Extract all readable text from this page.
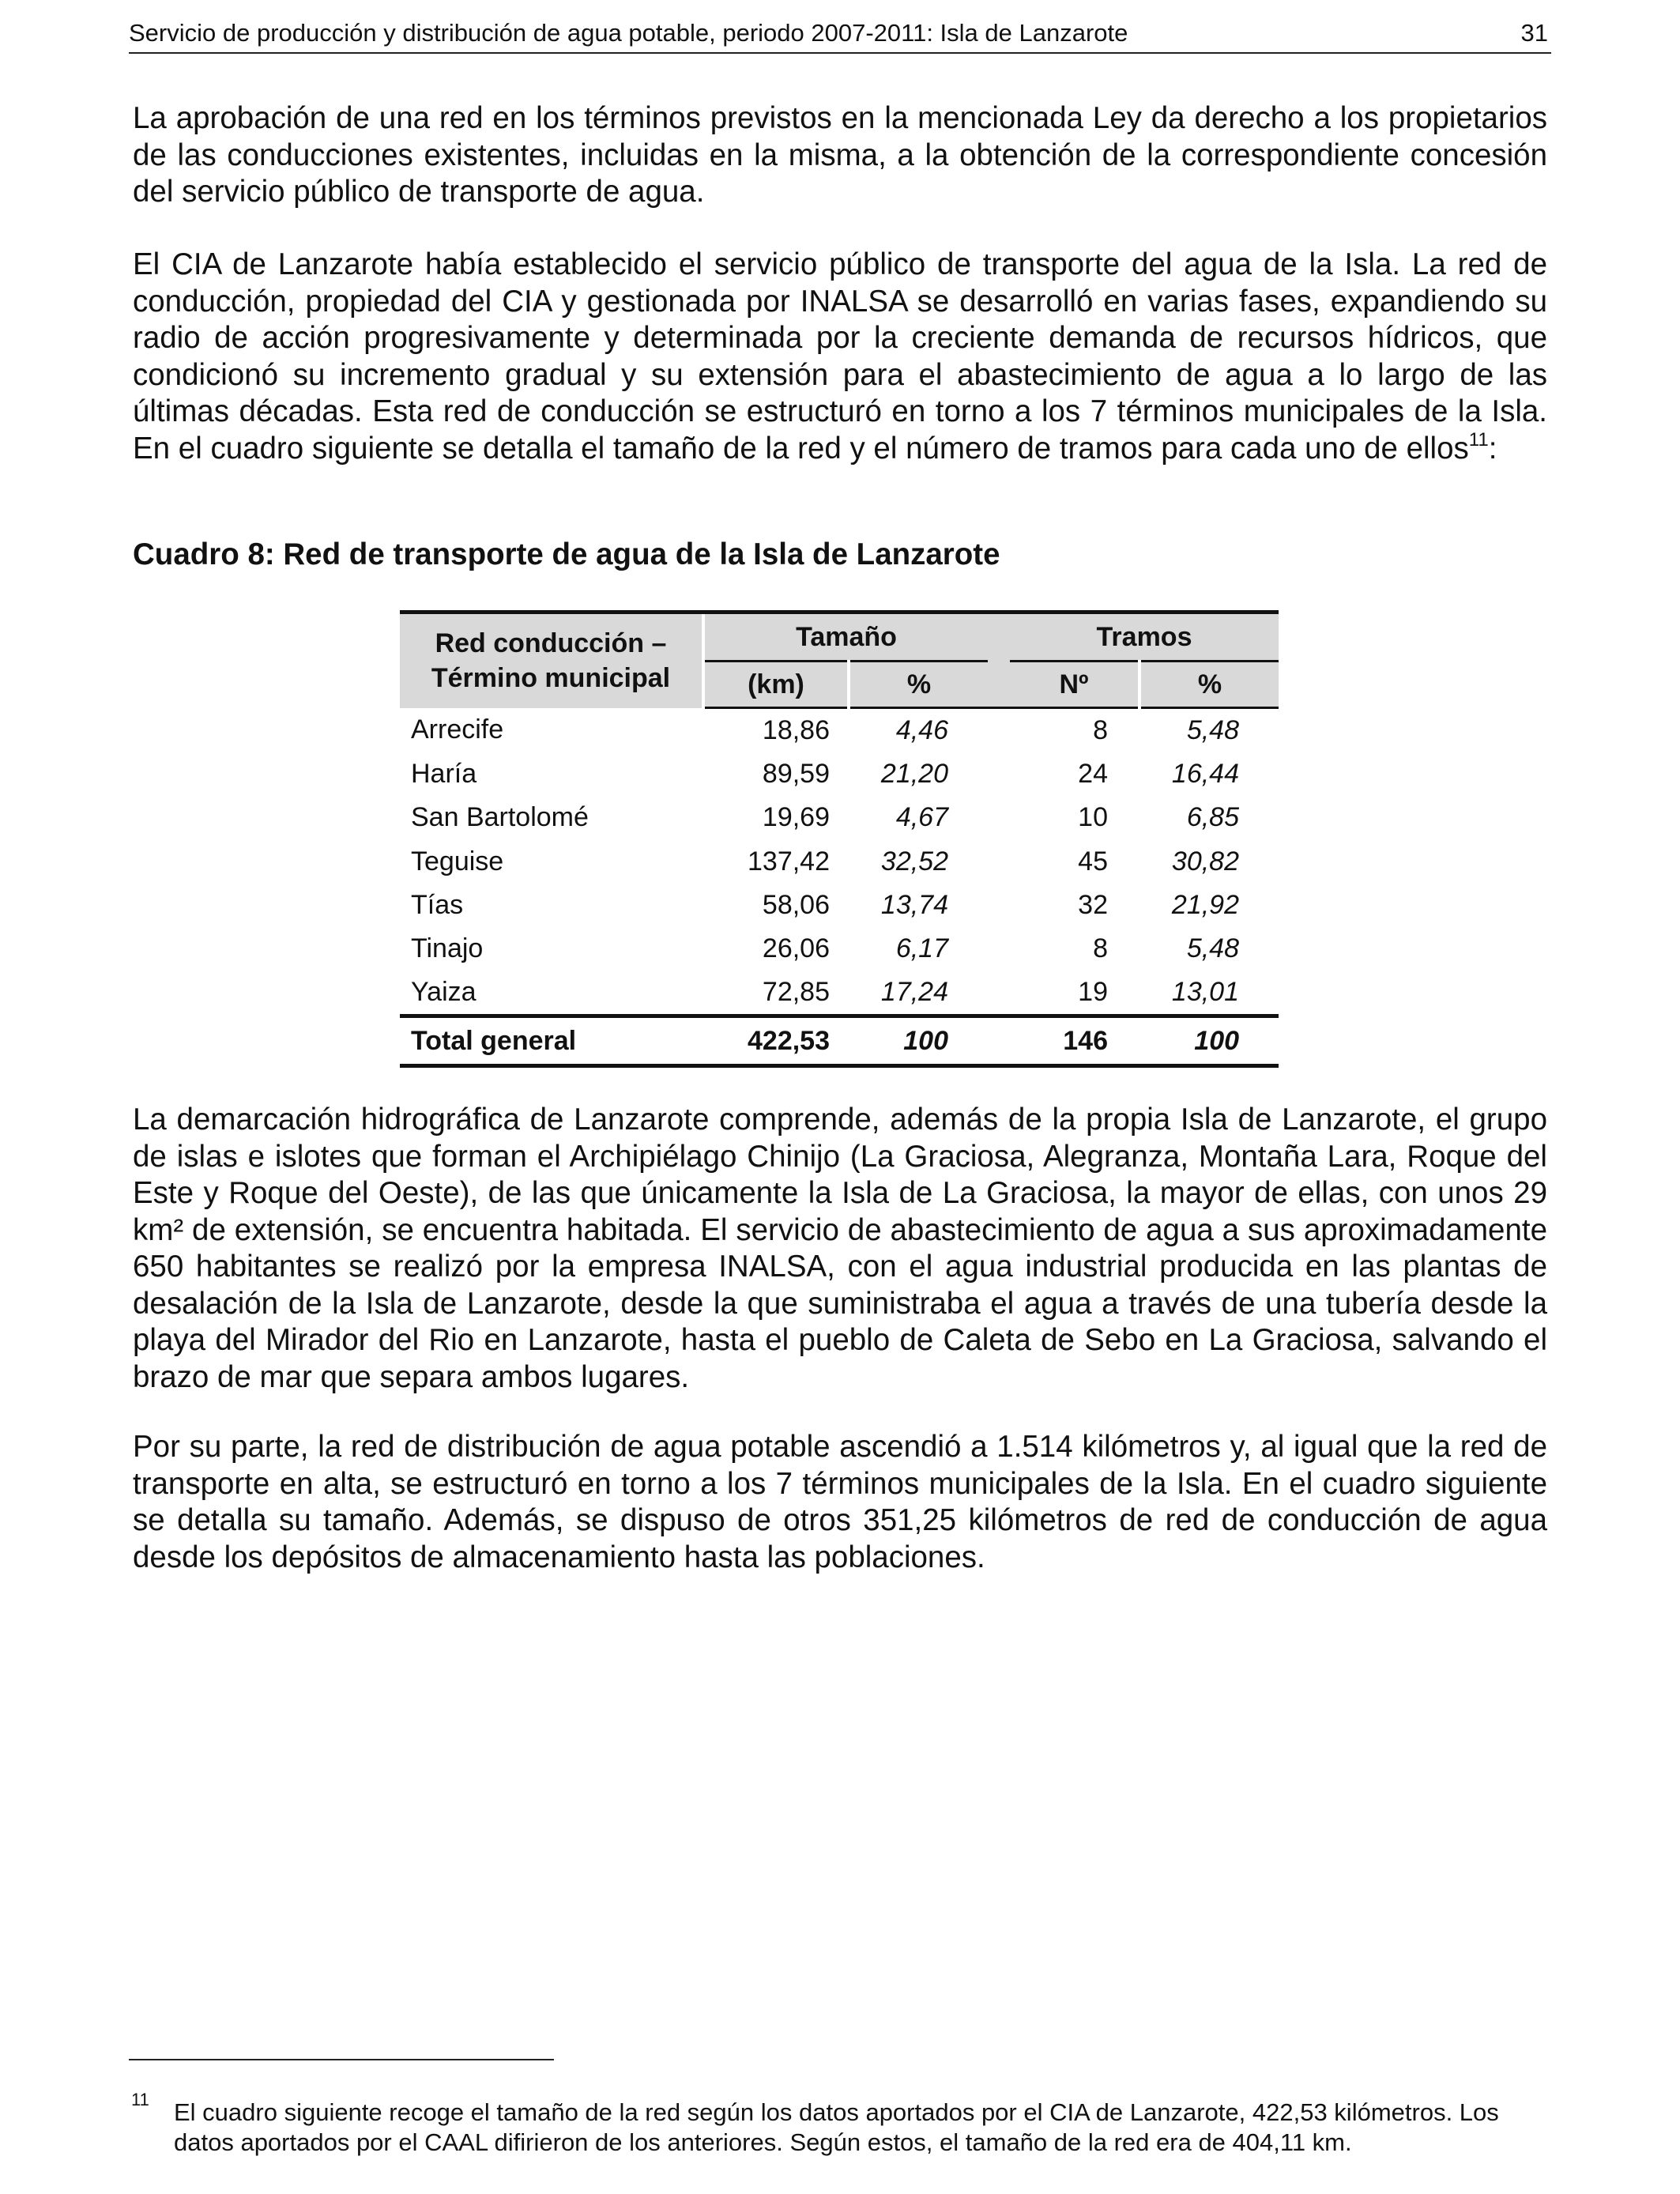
Servicio de producción y distribución de agua potable, periodo 2007-2011: Isla de Lanzarote	31

La aprobación de una red en los términos previstos en la mencionada Ley da derecho a los propietarios de las conducciones existentes, incluidas en la misma, a la obtención de la correspondiente concesión del servicio público de transporte de agua.

El CIA de Lanzarote había establecido el servicio público de transporte del agua de la Isla. La red de conducción, propiedad del CIA y gestionada por INALSA se desarrolló en varias fases, expandiendo su radio de acción progresivamente y determinada por la creciente demanda de recursos hídricos, que condicionó su incremento gradual y su extensión para el abastecimiento de agua a lo largo de las últimas décadas. Esta red de conducción se estructuró en torno a los 7 términos municipales de la Isla. En el cuadro siguiente se detalla el tamaño de la red y el número de tramos para cada uno de ellos$^{11}$:

Cuadro 8: Red de transporte de agua de la Isla de Lanzarote

Red conducción –
Término municipal	Tamaño			Tramos	
	(km)	%		Nº	%
Arrecife	18,86	4,46		8	5,48
Haría	89,59	21,20		24	16,44
San Bartolomé	19,69	4,67		10	6,85
Teguise	137,42	32,52		45	30,82
Tías	58,06	13,74		32	21,92
Tinajo	26,06	6,17		8	5,48
Yaiza	72,85	17,24		19	13,01
Total general	422,53	100		146	100

La demarcación hidrográfica de Lanzarote comprende, además de la propia Isla de Lanzarote, el grupo de islas e islotes que forman el Archipiélago Chinijo (La Graciosa, Alegranza, Montaña Lara, Roque del Este y Roque del Oeste), de las que únicamente la Isla de La Graciosa, la mayor de ellas, con unos 29 km² de extensión, se encuentra habitada. El servicio de abastecimiento de agua a sus aproximadamente 650 habitantes se realizó por la empresa INALSA, con el agua industrial producida en las plantas de desalación de la Isla de Lanzarote, desde la que suministraba el agua a través de una tubería desde la playa del Mirador del Rio en Lanzarote, hasta el pueblo de Caleta de Sebo en La Graciosa, salvando el brazo de mar que separa ambos lugares.

Por su parte, la red de distribución de agua potable ascendió a 1.514 kilómetros y, al igual que la red de transporte en alta, se estructuró en torno a los 7 términos municipales de la Isla. En el cuadro siguiente se detalla su tamaño. Además, se dispuso de otros 351,25 kilómetros de red de conducción de agua desde los depósitos de almacenamiento hasta las poblaciones.

11 El cuadro siguiente recoge el tamaño de la red según los datos aportados por el CIA de Lanzarote, 422,53 kilómetros. Los datos aportados por el CAAL difirieron de los anteriores. Según estos, el tamaño de la red era de 404,11 km.
